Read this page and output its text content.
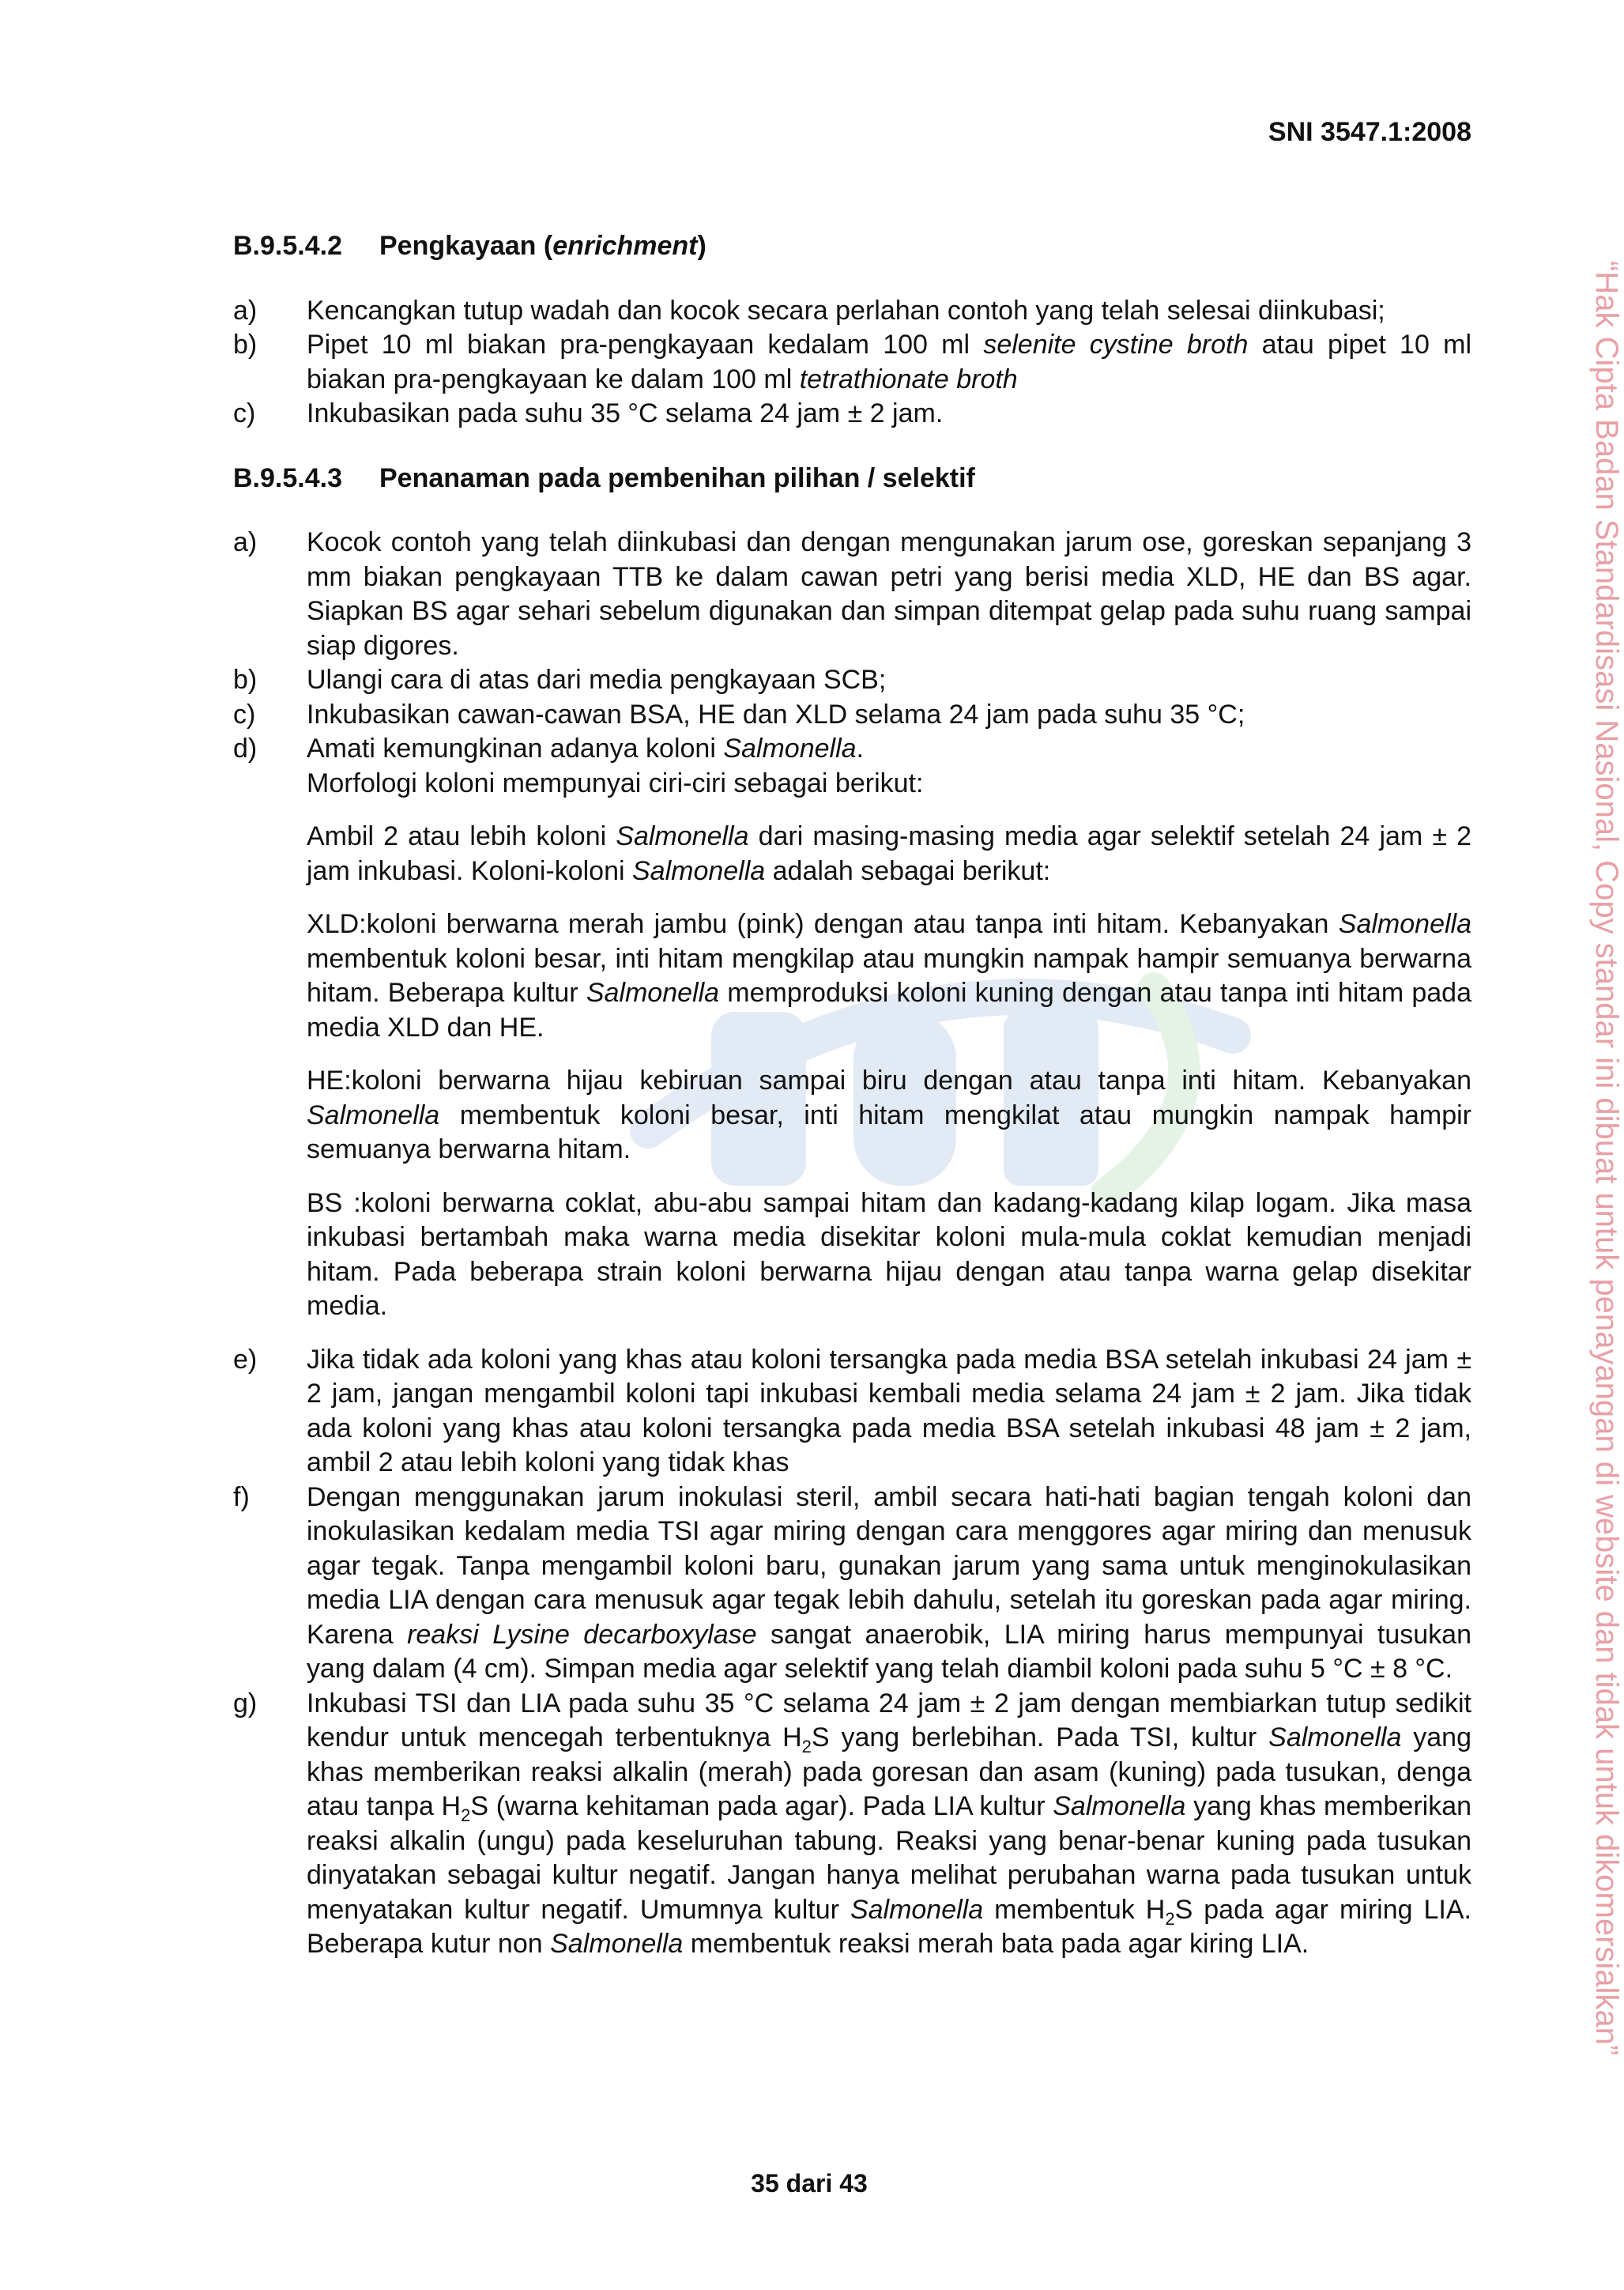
SNI 3547.1:2008
B.9.5.4.2 Pengkayaan (enrichment)
a)	Kencangkan tutup wadah dan kocok secara perlahan contoh yang telah selesai diinkubasi;
b)	Pipet 10 ml biakan pra-pengkayaan kedalam 100 ml selenite cystine broth atau pipet 10 ml biakan pra-pengkayaan ke dalam 100 ml tetrathionate broth
c)	Inkubasikan pada suhu 35 °C selama 24 jam ± 2 jam.
B.9.5.4.3 Penanaman pada pembenihan pilihan / selektif
a)	Kocok contoh yang telah diinkubasi dan dengan mengunakan jarum ose, goreskan sepanjang 3 mm biakan pengkayaan TTB ke dalam cawan petri yang berisi media XLD, HE dan BS agar. Siapkan BS agar sehari sebelum digunakan dan simpan ditempat gelap pada suhu ruang sampai siap digores.
b)	Ulangi cara di atas dari media pengkayaan SCB;
c)	Inkubasikan cawan-cawan BSA, HE dan XLD selama 24 jam pada suhu 35 °C;
d)	Amati kemungkinan adanya koloni Salmonella.

Morfologi koloni mempunyai ciri-ciri sebagai berikut:

Ambil 2 atau lebih koloni Salmonella dari masing-masing media agar selektif setelah 24 jam ± 2 jam inkubasi. Koloni-koloni Salmonella adalah sebagai berikut:

XLD:koloni berwarna merah jambu (pink) dengan atau tanpa inti hitam. Kebanyakan Salmonella membentuk koloni besar, inti hitam mengkilap atau mungkin nampak hampir semuanya berwarna hitam. Beberapa kultur Salmonella memproduksi koloni kuning dengan atau tanpa inti hitam pada media XLD dan HE.

HE:koloni berwarna hijau kebiruan sampai biru dengan atau tanpa inti hitam. Kebanyakan Salmonella membentuk koloni besar, inti hitam mengkilat atau mungkin nampak hampir semuanya berwarna hitam.

BS :koloni berwarna coklat, abu-abu sampai hitam dan kadang-kadang kilap logam. Jika masa inkubasi bertambah maka warna media disekitar koloni mula-mula coklat kemudian menjadi hitam. Pada beberapa strain koloni berwarna hijau dengan atau tanpa warna gelap disekitar media.

e)	Jika tidak ada koloni yang khas atau koloni tersangka pada media BSA setelah inkubasi 24 jam ± 2 jam, jangan mengambil koloni tapi inkubasi kembali media selama 24 jam ± 2 jam. Jika tidak ada koloni yang khas atau koloni tersangka pada media BSA setelah inkubasi 48 jam ± 2 jam, ambil 2 atau lebih koloni yang tidak khas
f)	Dengan menggunakan jarum inokulasi steril, ambil secara hati-hati bagian tengah koloni dan inokulasikan kedalam media TSI agar miring dengan cara menggores agar miring dan menusuk agar tegak. Tanpa mengambil koloni baru, gunakan jarum yang sama untuk menginokulasikan media LIA dengan cara menusuk agar tegak lebih dahulu, setelah itu goreskan pada agar miring. Karena reaksi Lysine decarboxylase sangat anaerobik, LIA miring harus mempunyai tusukan yang dalam (4 cm). Simpan media agar selektif yang telah diambil koloni pada suhu 5 °C ± 8 °C.
g)	Inkubasi TSI dan LIA pada suhu 35 °C selama 24 jam ± 2 jam dengan membiarkan tutup sedikit kendur untuk mencegah terbentuknya $H_2S$ yang berlebihan. Pada TSI, kultur Salmonella yang khas memberikan reaksi alkalin (merah) pada goresan dan asam (kuning) pada tusukan, denga atau tanpa $H_2S$ (warna kehitaman pada agar). Pada LIA kultur Salmonella yang khas memberikan reaksi alkalin (ungu) pada keseluruhan tabung. Reaksi yang benar-benar kuning pada tusukan dinyatakan sebagai kultur negatif. Jangan hanya melihat perubahan warna pada tusukan untuk menyatakan kultur negatif. Umumnya kultur Salmonella membentuk $H_2S$ pada agar miring LIA. Beberapa kutur non Salmonella membentuk reaksi merah bata pada agar kiring LIA.
35 dari 43
“Hak Cipta Badan Standardisasi Nasional, Copy standar ini dibuat untuk penayangan di website dan tidak untuk dikomersialkan”
